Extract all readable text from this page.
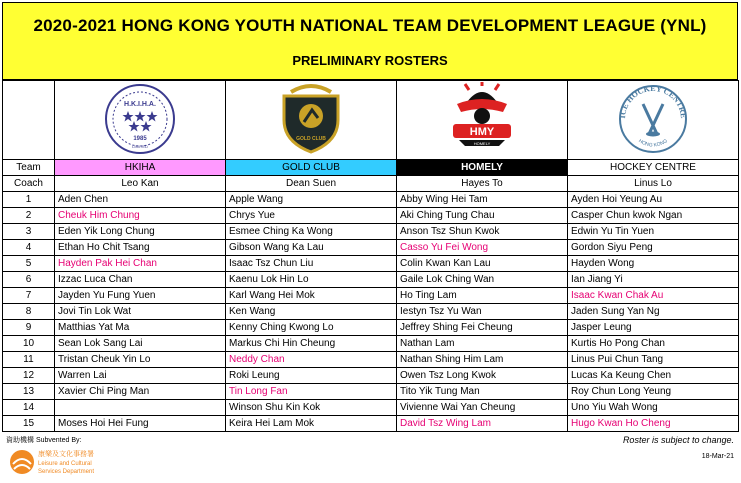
2020-2021 HONG KONG YOUTH NATIONAL TEAM DEVELOPMENT LEAGUE (YNL)
PRELIMINARY ROSTERS

H.K.I.H.A.
1985
LIMITED	GOLD CLUB	HMY
HOMELY	ICE HOCKEY CENTRE
HONG KONG

Team	HKIHA	GOLD CLUB	HOMELY	HOCKEY CENTRE
Coach	Leo Kan	Dean Suen	Hayes To	Linus Lo
1	Aden Chen	Apple Wang	Abby Wing Hei Tam	Ayden Hoi Yeung Au
2	Cheuk Him Chung	Chrys Yue	Aki Ching Tung Chau	Casper Chun kwok Ngan
3	Eden Yik Long Chung	Esmee Ching Ka Wong	Anson Tsz Shun Kwok	Edwin Yu Tin Yuen
4	Ethan Ho Chit Tsang	Gibson Wang Ka Lau	Casso Yu Fei Wong	Gordon Siyu Peng
5	Hayden Pak Hei Chan	Isaac Tsz Chun Liu	Colin Kwan Kan Lau	Hayden Wong
6	Izzac Luca Chan	Kaenu Lok Hin Lo	Gaile Lok Ching Wan	Ian Jiang Yi
7	Jayden Yu Fung Yuen	Karl Wang Hei Mok	Ho Ting Lam	Isaac Kwan Chak Au
8	Jovi Tin Lok Wat	Ken Wang	Iestyn Tsz Yu Wan	Jaden Sung Yan Ng
9	Matthias Yat Ma	Kenny Ching Kwong Lo	Jeffrey Shing Fei Cheung	Jasper Leung
10	Sean Lok Sang Lai	Markus Chi Hin Cheung	Nathan Lam	Kurtis Ho Pong Chan
11	Tristan Cheuk Yin Lo	Neddy Chan	Nathan Shing Him Lam	Linus Pui Chun Tang
12	Warren Lai	Roki Leung	Owen Tsz Long Kwok	Lucas Ka Keung Chen
13	Xavier Chi Ping Man	Tin Long Fan	Tito Yik Tung Man	Roy Chun Long Yeung
14		Winson Shu Kin Kok	Vivienne Wai Yan Cheung	Uno Yiu Wah Wong
15	Moses Hoi Hei Fung	Keira Hei Lam Mok	David Tsz Wing Lam	Hugo Kwan Ho Cheng
資助機構 Subvented By:
康樂及文化事務署
Leisure and Cultural
Services Department
Roster is subject to change.
18-Mar-21
